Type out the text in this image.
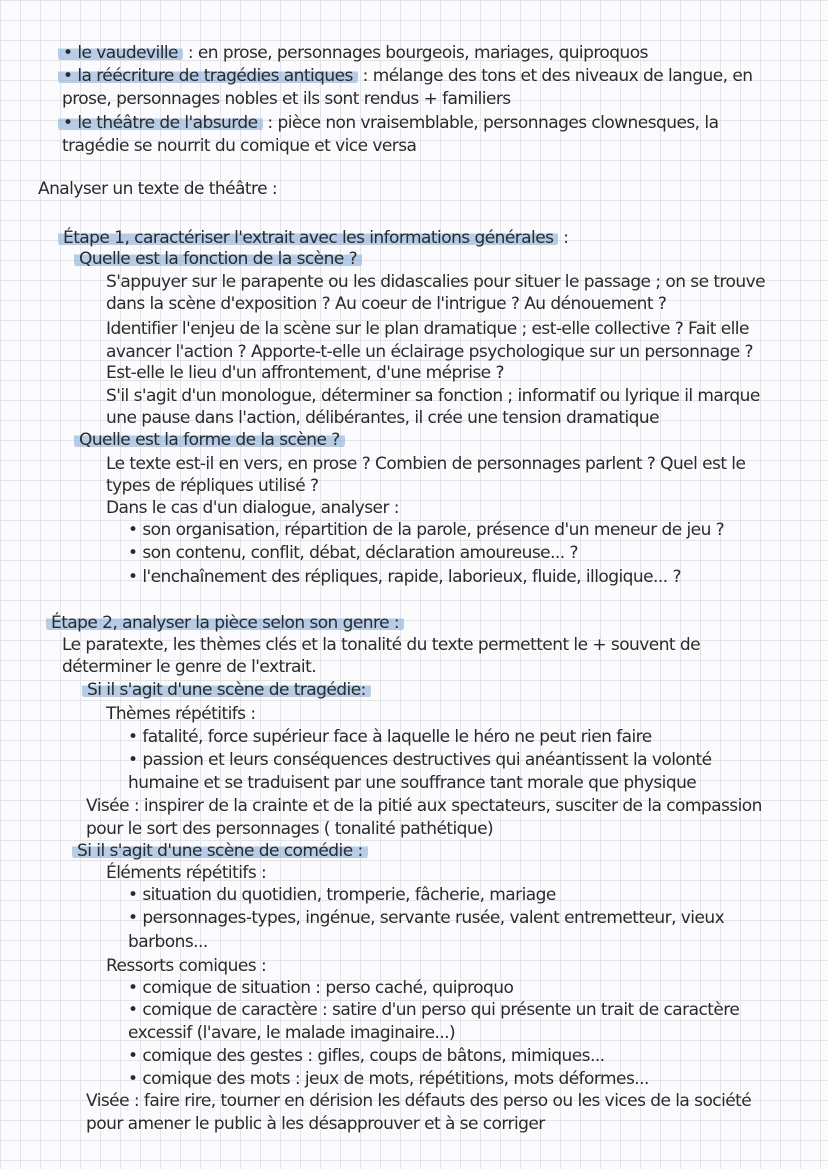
• le vaudeville : en prose, personnages bourgeois, mariages, quiproquos
• la réécriture de tragédies antiques : mélange des tons et des niveaux de langue, en
prose, personnages nobles et ils sont rendus + familiers
• le théâtre de l'absurde : pièce non vraisemblable, personnages clownesques, la
tragédie se nourrit du comique et vice versa
Analyser un texte de théâtre :
Étape 1, caractériser l'extrait avec les informations générales :
Quelle est la fonction de la scène ?
S'appuyer sur le parapente ou les didascalies pour situer le passage ; on se trouve
dans la scène d'exposition ? Au coeur de l'intrigue ? Au dénouement ?
Identifier l'enjeu de la scène sur le plan dramatique ; est-elle collective ? Fait elle
avancer l'action ? Apporte-t-elle un éclairage psychologique sur un personnage ?
Est-elle le lieu d'un affrontement, d'une méprise ?
S'il s'agit d'un monologue, déterminer sa fonction ; informatif ou lyrique il marque
une pause dans l'action, délibérantes, il crée une tension dramatique
Quelle est la forme de la scène ?
Le texte est-il en vers, en prose ? Combien de personnages parlent ? Quel est le
types de répliques utilisé ?
Dans le cas d'un dialogue, analyser :
• son organisation, répartition de la parole, présence d'un meneur de jeu ?
• son contenu, conflit, débat, déclaration amoureuse... ?
• l'enchaînement des répliques, rapide, laborieux, fluide, illogique... ?
Étape 2, analyser la pièce selon son genre :
Le paratexte, les thèmes clés et la tonalité du texte permettent le + souvent de
déterminer le genre de l'extrait.
Si il s'agit d'une scène de tragédie:
Thèmes répétitifs :
• fatalité, force supérieur face à laquelle le héro ne peut rien faire
• passion et leurs conséquences destructives qui anéantissent la volonté
humaine et se traduisent par une souffrance tant morale que physique
Visée : inspirer de la crainte et de la pitié aux spectateurs, susciter de la compassion
pour le sort des personnages ( tonalité pathétique)
Si il s'agit d'une scène de comédie :
Éléments répétitifs :
• situation du quotidien, tromperie, fâcherie, mariage
• personnages-types, ingénue, servante rusée, valent entremetteur, vieux
barbons...
Ressorts comiques :
• comique de situation : perso caché, quiproquo
• comique de caractère : satire d'un perso qui présente un trait de caractère
excessif (l'avare, le malade imaginaire...)
• comique des gestes : gifles, coups de bâtons, mimiques...
• comique des mots : jeux de mots, répétitions, mots déformes...
Visée : faire rire, tourner en dérision les défauts des perso ou les vices de la société
pour amener le public à les désapprouver et à se corriger
